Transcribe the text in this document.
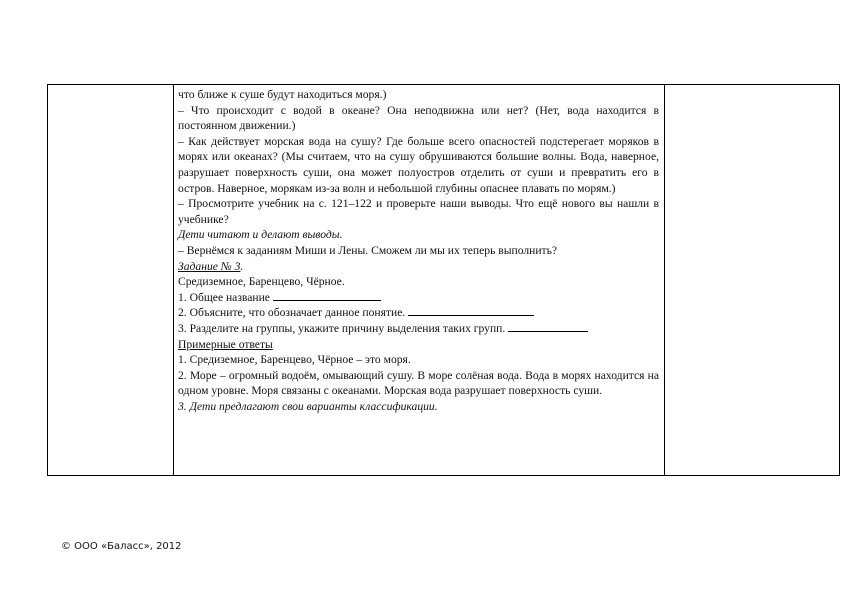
что ближе к суше будут находиться моря.)

– Что происходит с водой в океане? Она неподвижна или нет? (Нет, вода находится в постоянном движении.)

– Как действует морская вода на сушу? Где больше всего опасностей подстерегает моряков в морях или океанах? (Мы считаем, что на сушу обрушиваются большие волны. Вода, наверное, разрушает поверхность суши, она может полуостров отделить от суши и превратить его в остров. Наверное, морякам из-за волн и небольшой глубины опаснее плавать по морям.)

– Просмотрите учебник на с. 121–122 и проверьте наши выводы. Что ещё нового вы нашли в учебнике?

Дети читают и делают выводы.

– Вернёмся к заданиям Миши и Лены. Сможем ли мы их теперь выполнить?

Задание № 3.

Средиземное, Баренцево, Чёрное.

1. Общее название

2. Объясните, что обозначает данное понятие.

3. Разделите на группы, укажите причину выделения таких групп.

Примерные ответы

1. Средиземное, Баренцево, Чёрное – это моря.

2. Море – огромный водоём, омывающий сушу. В море солёная вода. Вода в морях находится на одном уровне. Моря связаны с океанами. Морская вода разрушает поверхность суши.

3. Дети предлагают свои варианты классификации.

© ООО «Баласс», 2012
